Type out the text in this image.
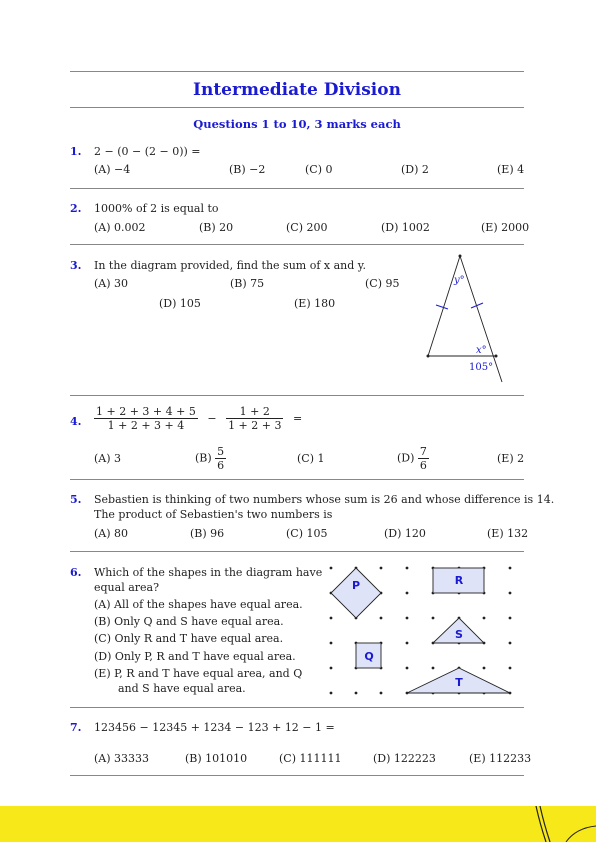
Intermediate Division
Questions 1 to 10, 3 marks each
1. 2 − (0 − (2 − 0)) =
(A) −4	(B) −2	(C) 0	(D) 2	(E) 4
2. 1000% of 2 is equal to
(A) 0.002	(B) 20	(C) 200	(D) 1002	(E) 2000
3. In the diagram provided, find the sum of x and y.
(A) 30	(B) 75	(C) 95
(D) 105	(E) 180
y°
x°
105°
4. $\frac{1 + 2 + 3 + 4 + 5}{1 + 2 + 3 + 4} - \frac{1 + 2}{1 + 2 + 3}$ =
(A) 3	$(B) \frac{5}{6}$	(C) 1	$(D) \frac{7}{6}$	(E) 2
5. Sebastien is thinking of two numbers whose sum is 26 and whose difference is 14.
The product of Sebastien's two numbers is
(A) 80	(B) 96	(C) 105	(D) 120	(E) 132
6. Which of the shapes in the diagram have
equal area?
(A) All of the shapes have equal area.
(B) Only Q and S have equal area.
(C) Only R and T have equal area.
(D) Only P, R and T have equal area.
(E) P, R and T have equal area, and Q
and S have equal area.
P	R
S
Q
T
7. 123456 − 12345 + 1234 − 123 + 12 − 1 =
(A) 33333	(B) 101010	(C) 111111	(D) 122223	(E) 112233
